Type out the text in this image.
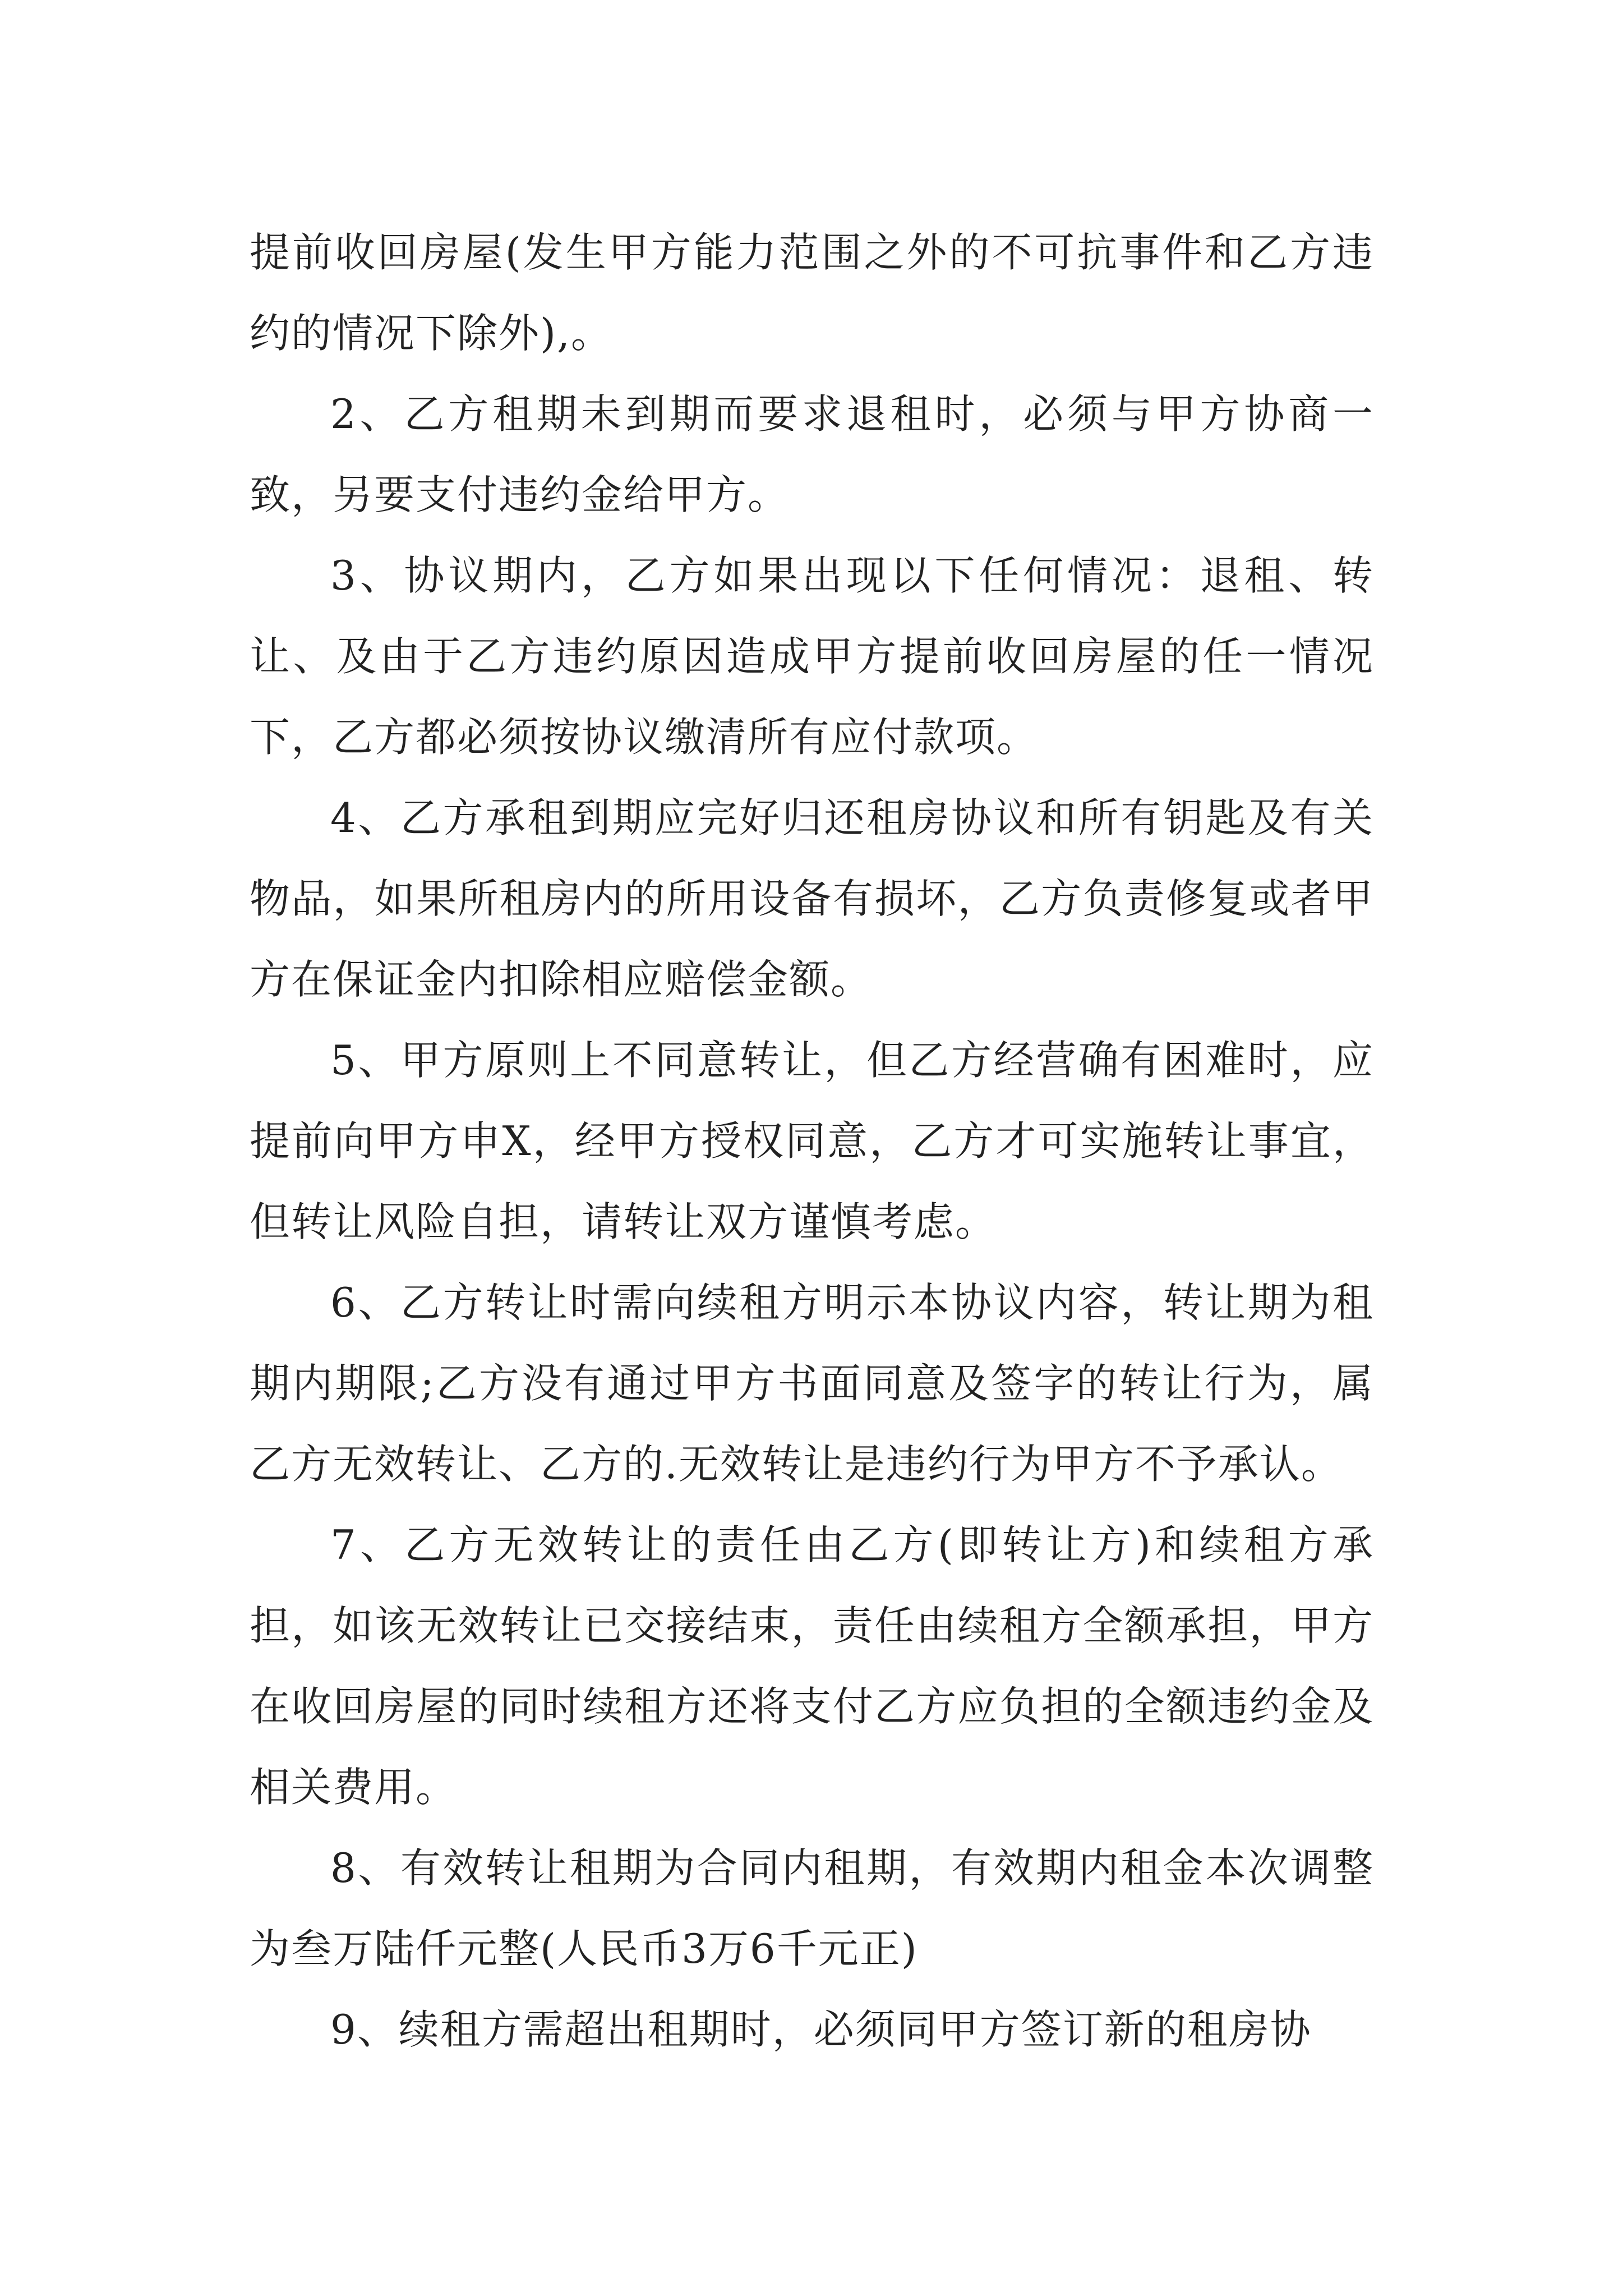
提前收回房屋(发生甲方能力范围之外的不可抗事件和乙方违约的情况下除外),。

2、乙方租期未到期而要求退租时，必须与甲方协商一致，另要支付违约金给甲方。

3、协议期内，乙方如果出现以下任何情况：退租、转让、及由于乙方违约原因造成甲方提前收回房屋的任一情况下，乙方都必须按协议缴清所有应付款项。

4、乙方承租到期应完好归还租房协议和所有钥匙及有关物品，如果所租房内的所用设备有损坏，乙方负责修复或者甲方在保证金内扣除相应赔偿金额。

5、甲方原则上不同意转让，但乙方经营确有困难时，应提前向甲方申X，经甲方授权同意，乙方才可实施转让事宜，但转让风险自担，请转让双方谨慎考虑。

6、乙方转让时需向续租方明示本协议内容，转让期为租期内期限;乙方没有通过甲方书面同意及签字的转让行为，属乙方无效转让、乙方的.无效转让是违约行为甲方不予承认。

7、乙方无效转让的责任由乙方(即转让方)和续租方承担，如该无效转让已交接结束，责任由续租方全额承担，甲方在收回房屋的同时续租方还将支付乙方应负担的全额违约金及相关费用。

8、有效转让租期为合同内租期，有效期内租金本次调整为叁万陆仟元整(人民币3万6千元正)

9、续租方需超出租期时，必须同甲方签订新的租房协
